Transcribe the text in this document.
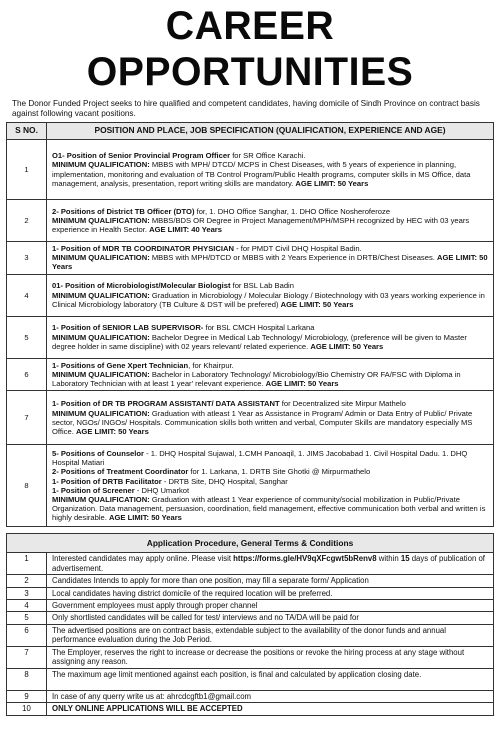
CAREER OPPORTUNITIES
The Donor Funded Project seeks to hire qualified and competent candidates, having domicile of Sindh Province on contract basis against following vacant positions.
S NO.	POSITION AND PLACE, JOB SPECIFICATION (QUALIFICATION, EXPERIENCE AND AGE)
1	O1- Position of Senior Provincial Program Officer for SR Office Karachi.
MINIMUM QUALIFICATION: MBBS with MPH/ DTCD/ MCPS in Chest Diseases, with 5 years of experience in planning, implementation, monitoring and evaluation of TB Control Program/Public Health programs, computer skills in MS Office, data management, analysis, presentation, report writing skills are mandatory. AGE LIMIT: 50 Years
2	2- Positions of District TB Officer (DTO) for, 1. DHO Office Sanghar, 1. DHO Office Nosheroferoze
MINIMUM QUALIFICATION: MBBS/BDS OR Degree in Project Management/MPH/MSPH recognized by HEC with 03 years experience in Health Sector. AGE LIMIT: 40 Years
3	1- Position of MDR TB COORDINATOR PHYSICIAN - for PMDT Civil DHQ Hospital Badin.
MINIMUM QUALIFICATION: MBBS with MPH/DTCD or MBBS with 2 Years Experience in DRTB/Chest Diseases. AGE LIMIT: 50 Years
4	01- Position of Microbiologist/Molecular Biologist for BSL Lab Badin
MINIMUM QUALIFICATION: Graduation in Microbiology / Molecular Biology / Biotechnology with 03 years working experience in Clinical Microbiology laboratory (TB Culture & DST will be prefered) AGE LIMIT: 50 Years
5	1- Position of SENIOR LAB SUPERVISOR- for BSL CMCH Hospital Larkana
MINIMUM QUALIFICATION: Bachelor Degree in Medical Lab Technology/ Microbiology, (preference will be given to Master degree holder in same discipline) with 02 years relevant/ related experience. AGE LIMIT: 50 Years
6	1- Positions of Gene Xpert Technician, for Khairpur.
MINIMUM QUALIFICATION: Bachelor in Laboratory Technology/ Microbiology/Bio Chemistry OR FA/FSC with Diploma in Laboratory Technician with at least 1 year' relevant experience. AGE LIMIT: 50 Years
7	1- Position of DR TB PROGRAM ASSISTANT/ DATA ASSISTANT for Decentralized site Mirpur Mathelo
MINIMUM QUALIFICATION: Graduation with atleast 1 Year as Assistance in Program/ Admin or Data Entry of Public/ Private sector, NGOs/ INGOs/ Hospitals. Communication skills both written and verbal, Computer Skills are mandatory especially MS Office. AGE LIMIT: 50 Years
8	5- Positions of Counselor - 1. DHQ Hospital Sujawal, 1.CMH Panoaqil, 1. JIMS Jacobabad 1. Civil Hospital Dadu. 1. DHQ Hospital Matiari
2- Positions of Treatment Coordinator for 1. Larkana, 1. DRTB Site Ghotki @ Mirpurmathelo
1- Position of DRTB Facilitator - DRTB Site, DHQ Hospital, Sanghar
1- Position of Screener - DHQ Umarkot
MINIMUM QUALIFICATION: Graduation with atleast 1 Year experience of community/social mobilization in Public/Private Organization. Data management, persuasion, coordination, field management, effective communication both verbal and written is highly desirable. AGE LIMIT: 50 Years
Application Procedure, General Terms & Conditions	
1	Interested candidates may apply online. Please visit https://forms.gle/HV9qXFcgwt5bRenv8 within 15 days of publication of advertisement.
2	Candidates Intends to apply for more than one position, may fill a separate form/ Application
3	Local candidates having district domicile of the required location will be preferred.
4	Government employees must apply through proper channel
5	Only shortlisted candidates will be called for test/ interviews and no TA/DA will be paid for
6	The advertised positions are on contract basis, extendable subject to the availability of the donor funds and annual performance evaluation during the Job Period.
7	The Employer, reserves the right to increase or decrease the positions or revoke the hiring process at any stage without assigning any reason.
8	The maximum age limit mentioned against each position, is final and calculated by application closing date.
9	In case of any querry write us at: ahrcdcgftb1@gmail.com
10	ONLY ONLINE APPLICATIONS WILL BE ACCEPTED
